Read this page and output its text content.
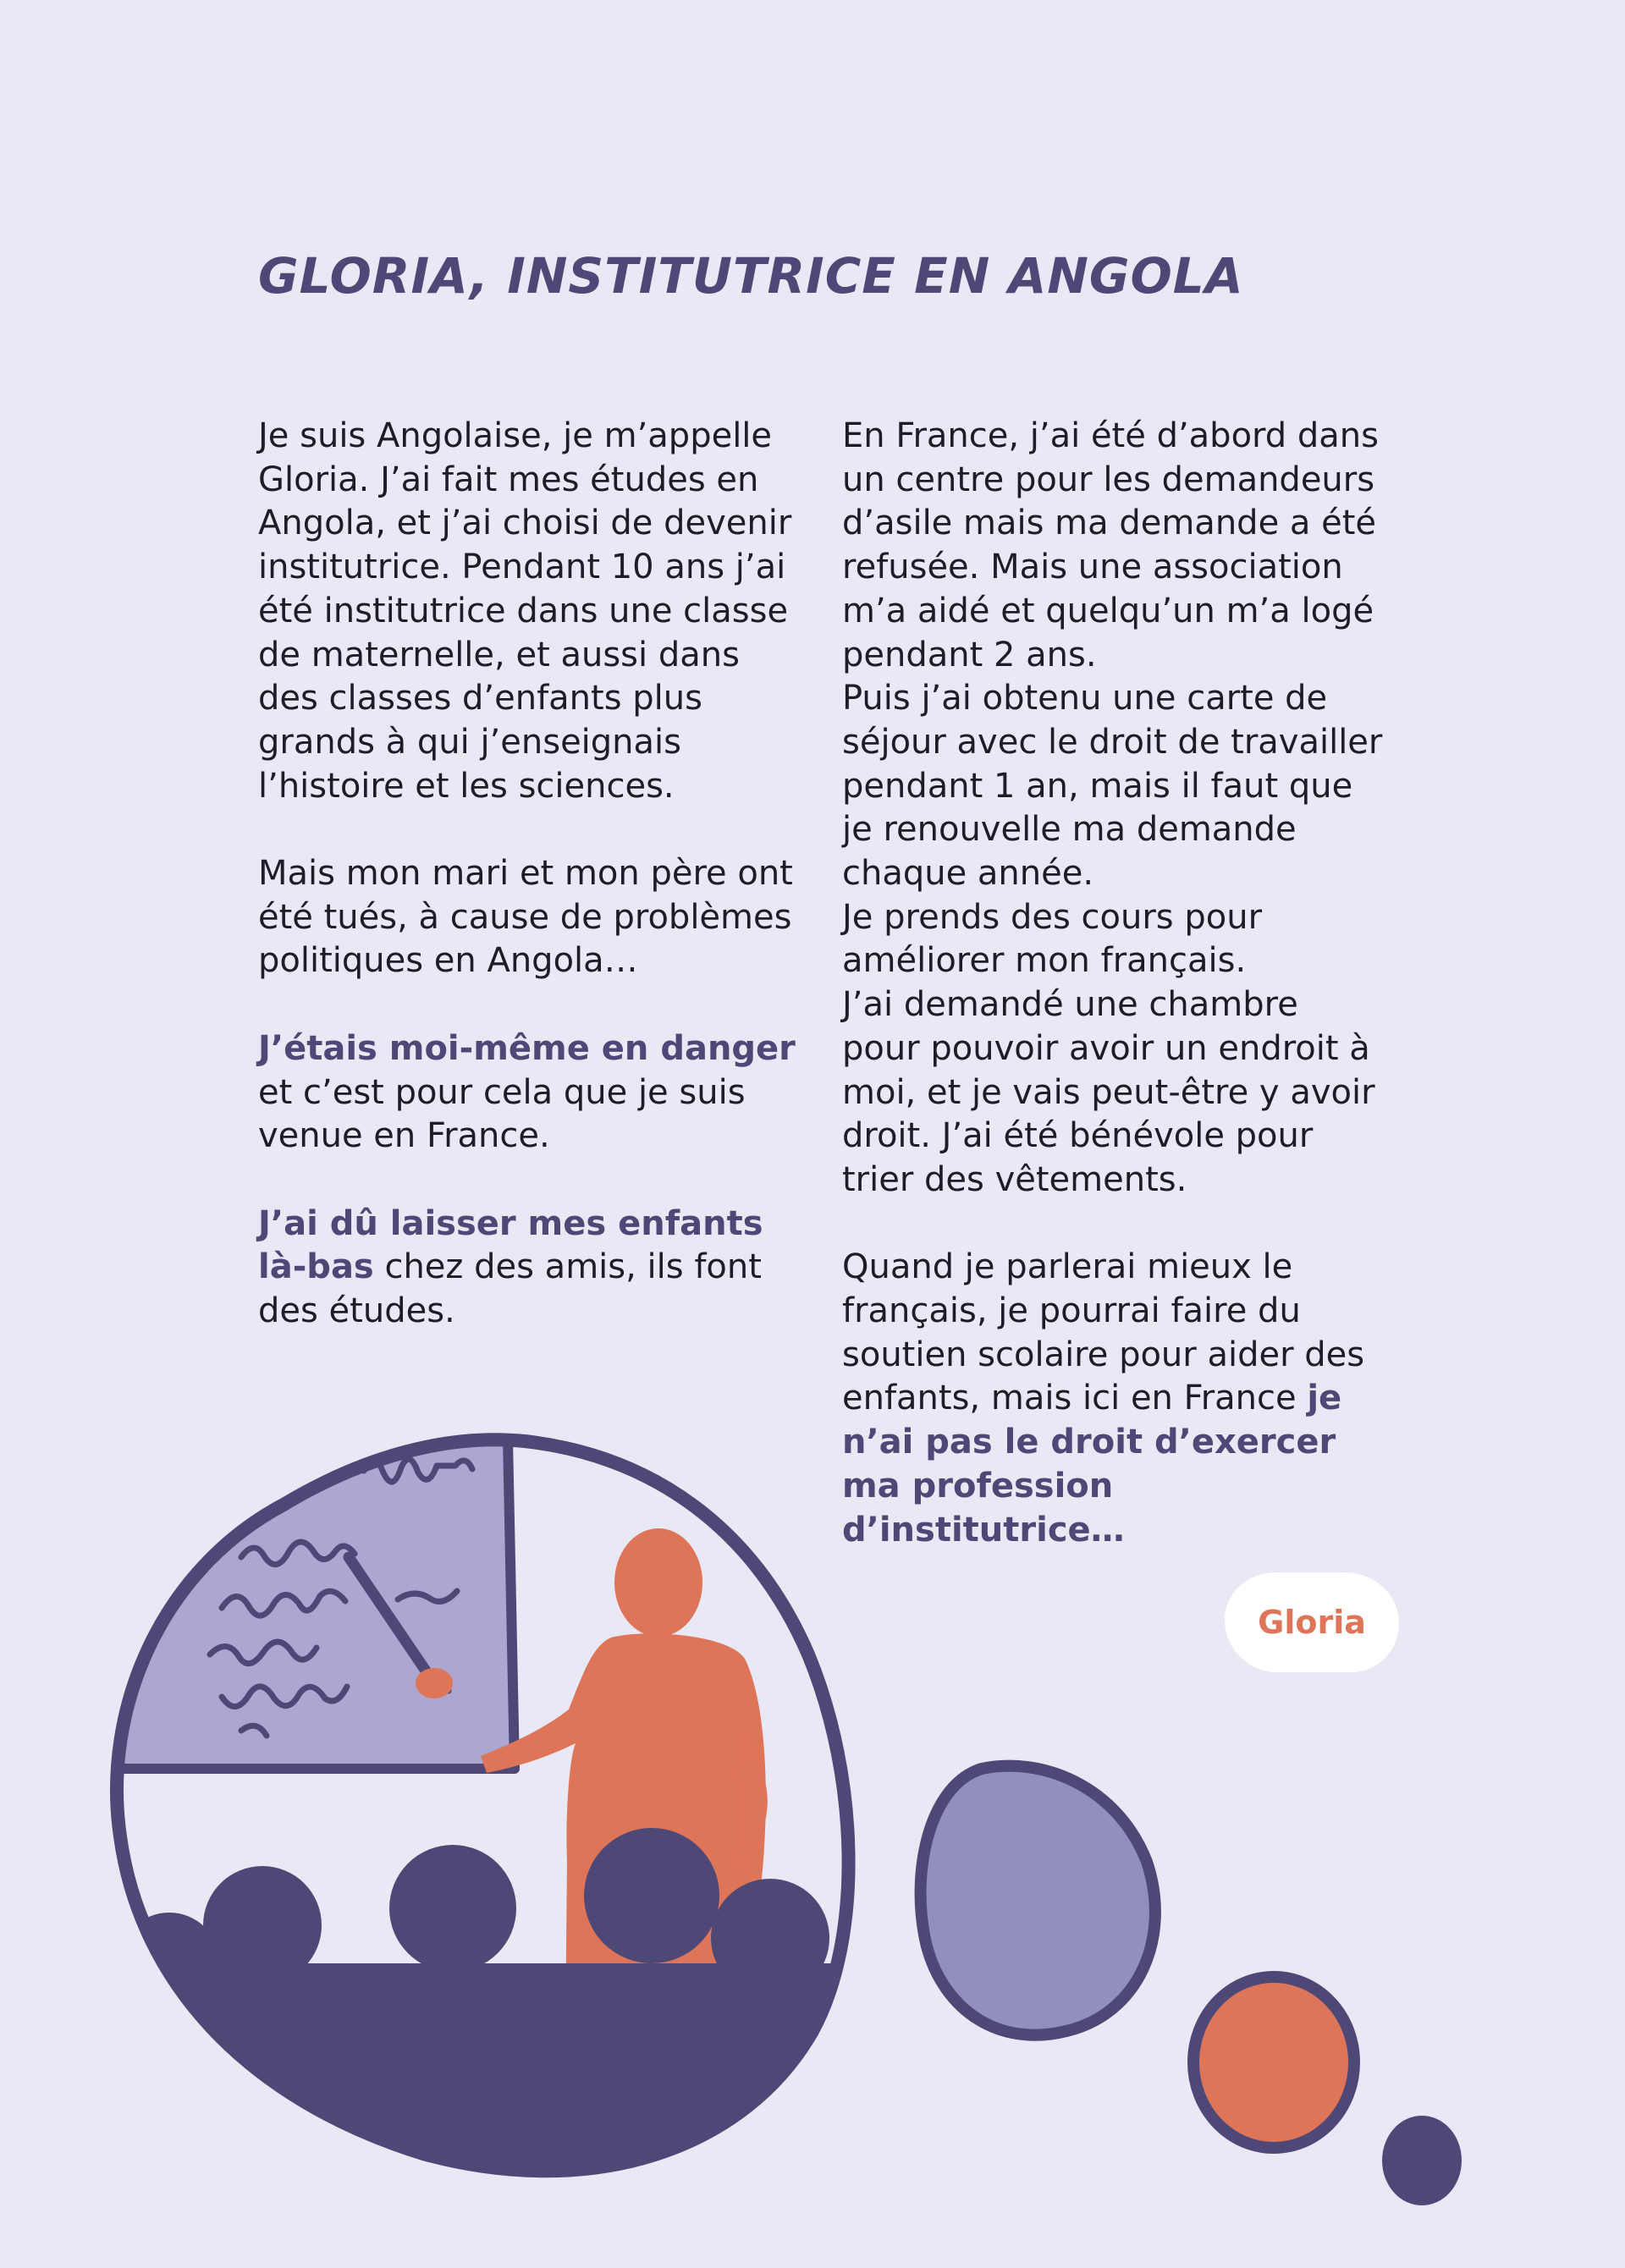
GLORIA, INSTITUTRICE EN ANGOLA

Je suis Angolaise, je m’appelle Gloria. J’ai fait mes études en Angola, et j’ai choisi de devenir institutrice. Pendant 10 ans j’ai été institutrice dans une classe de maternelle, et aussi dans des classes d’enfants plus grands à qui j’enseignais l’histoire et les sciences.

Mais mon mari et mon père ont été tués, à cause de problèmes politiques en Angola…

J’étais moi-même en danger et c’est pour cela que je suis venue en France.

J’ai dû laisser mes enfants là-bas chez des amis, ils font des études.

En France, j’ai été d’abord dans un centre pour les demandeurs d’asile mais ma demande a été refusée. Mais une association m’a aidé et quelqu’un m’a logé pendant 2 ans.

Puis j’ai obtenu une carte de séjour avec le droit de travailler pendant 1 an, mais il faut que je renouvelle ma demande chaque année.

Je prends des cours pour améliorer mon français.

J’ai demandé une chambre pour pouvoir avoir un endroit à moi, et je vais peut-être y avoir droit. J’ai été bénévole pour trier des vêtements.

Quand je parlerai mieux le français, je pourrai faire du soutien scolaire pour aider des enfants, mais ici en France je n’ai pas le droit d’exercer ma profession d’institutrice…

Gloria
